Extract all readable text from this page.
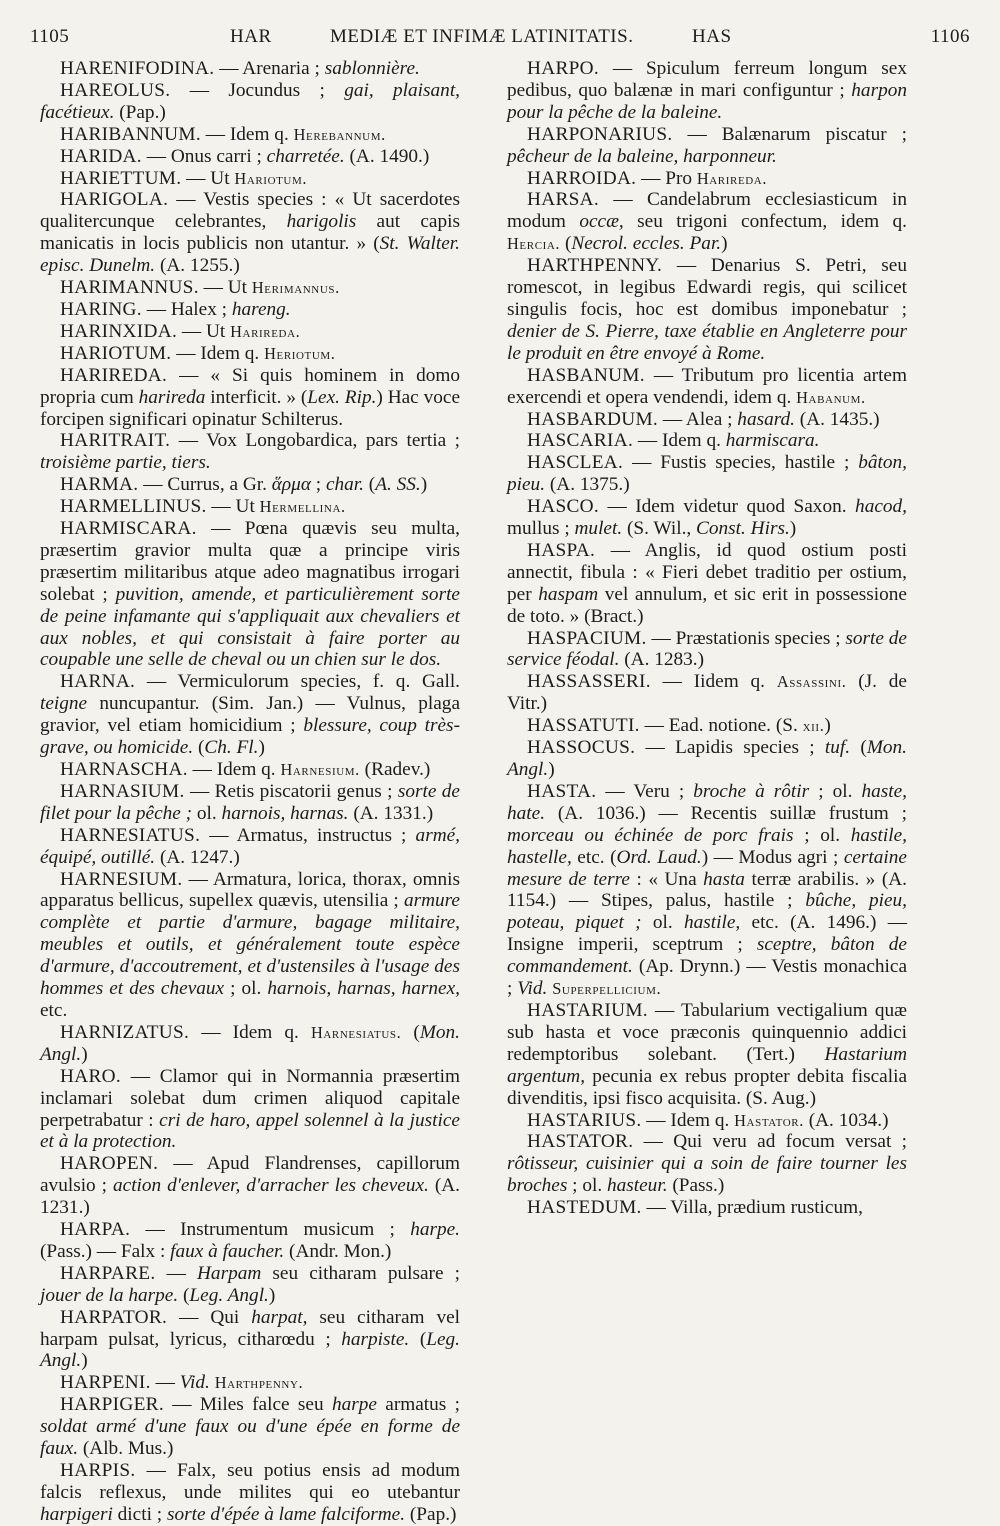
1105	HAR	MEDIÆ ET INFIMÆ LATINITATIS.	HAS	1106

HARENIFODINA. — Arenaria ; sablonnière.

HAREOLUS. — Jocundus ; gai, plaisant, facétieux. (Pap.)

HARIBANNUM. — Idem q. Herebannum.

HARIDA. — Onus carri ; charretée. (A. 1490.)

HARIETTUM. — Ut Hariotum.

HARIGOLA. — Vestis species : « Ut sacerdotes qualitercunque celebrantes, harigolis aut capis manicatis in locis publicis non utantur. » (St. Walter. episc. Dunelm. (A. 1255.)

HARIMANNUS. — Ut Herimannus.

HARING. — Halex ; hareng.

HARINXIDA. — Ut Harireda.

HARIOTUM. — Idem q. Heriotum.

HARIREDA. — « Si quis hominem in domo propria cum harireda interficit. » (Lex. Rip.) Hac voce forcipen significari opinatur Schilterus.

HARITRAIT. — Vox Longobardica, pars tertia ; troisième partie, tiers.

HARMA. — Currus, a Gr. ἅρμα ; char. (A. SS.)

HARMELLINUS. — Ut Hermellina.

HARMISCARA. — Pœna quævis seu multa, præsertim gravior multa quæ a principe viris præsertim militaribus atque adeo magnatibus irrogari solebat ; puvition, amende, et particulièrement sorte de peine infamante qui s'appliquait aux chevaliers et aux nobles, et qui consistait à faire porter au coupable une selle de cheval ou un chien sur le dos.

HARNA. — Vermiculorum species, f. q. Gall. teigne nuncupantur. (Sim. Jan.) — Vulnus, plaga gravior, vel etiam homicidium ; blessure, coup très-grave, ou homicide. (Ch. Fl.)

HARNASCHA. — Idem q. Harnesium. (Radev.)

HARNASIUM. — Retis piscatorii genus ; sorte de filet pour la pêche ; ol. harnois, harnas. (A. 1331.)

HARNESIATUS. — Armatus, instructus ; armé, équipé, outillé. (A. 1247.)

HARNESIUM. — Armatura, lorica, thorax, omnis apparatus bellicus, supellex quævis, utensilia ; armure complète et partie d'armure, bagage militaire, meubles et outils, et généralement toute espèce d'armure, d'accoutrement, et d'ustensiles à l'usage des hommes et des chevaux ; ol. harnois, harnas, harnex, etc.

HARNIZATUS. — Idem q. Harnesiatus. (Mon. Angl.)

HARO. — Clamor qui in Normannia præsertim inclamari solebat dum crimen aliquod capitale perpetrabatur : cri de haro, appel solennel à la justice et à la protection.

HAROPEN. — Apud Flandrenses, capillorum avulsio ; action d'enlever, d'arracher les cheveux. (A. 1231.)

HARPA. — Instrumentum musicum ; harpe. (Pass.) — Falx : faux à faucher. (Andr. Mon.)

HARPARE. — Harpam seu citharam pulsare ; jouer de la harpe. (Leg. Angl.)

HARPATOR. — Qui harpat, seu citharam vel harpam pulsat, lyricus, citharœdu ; harpiste. (Leg. Angl.)

HARPENI. — Vid. Harthpenny.

HARPIGER. — Miles falce seu harpe armatus ; soldat armé d'une faux ou d'une épée en forme de faux. (Alb. Mus.)

HARPIS. — Falx, seu potius ensis ad modum falcis reflexus, unde milites qui eo utebantur harpigeri dicti ; sorte d'épée à lame falciforme. (Pap.)

HARPO. — Spiculum ferreum longum sex pedibus, quo balænæ in mari configuntur ; harpon pour la pêche de la baleine.

HARPONARIUS. — Balænarum piscatur ; pêcheur de la baleine, harponneur.

HARROIDA. — Pro Harireda.

HARSA. — Candelabrum ecclesiasticum in modum occæ, seu trigoni confectum, idem q. Hercia. (Necrol. eccles. Par.)

HARTHPENNY. — Denarius S. Petri, seu romescot, in legibus Edwardi regis, qui scilicet singulis focis, hoc est domibus imponebatur ; denier de S. Pierre, taxe établie en Angleterre pour le produit en être envoyé à Rome.

HASBANUM. — Tributum pro licentia artem exercendi et opera vendendi, idem q. Habanum.

HASBARDUM. — Alea ; hasard. (A. 1435.)

HASCARIA. — Idem q. harmiscara.

HASCLEA. — Fustis species, hastile ; bâton, pieu. (A. 1375.)

HASCO. — Idem videtur quod Saxon. hacod, mullus ; mulet. (S. Wil., Const. Hirs.)

HASPA. — Anglis, id quod ostium posti annectit, fibula : « Fieri debet traditio per ostium, per haspam vel annulum, et sic erit in possessione de toto. » (Bract.)

HASPACIUM. — Præstationis species ; sorte de service féodal. (A. 1283.)

HASSASSERI. — Iidem q. Assassini. (J. de Vitr.)

HASSATUTI. — Ead. notione. (S. xii.)

HASSOCUS. — Lapidis species ; tuf. (Mon. Angl.)

HASTA. — Veru ; broche à rôtir ; ol. haste, hate. (A. 1036.) — Recentis suillæ frustum ; morceau ou échinée de porc frais ; ol. hastile, hastelle, etc. (Ord. Laud.) — Modus agri ; certaine mesure de terre : « Una hasta terræ arabilis. » (A. 1154.) — Stipes, palus, hastile ; bûche, pieu, poteau, piquet ; ol. hastile, etc. (A. 1496.) — Insigne imperii, sceptrum ; sceptre, bâton de commandement. (Ap. Drynn.) — Vestis monachica ; Vid. Superpellicium.

HASTARIUM. — Tabularium vectigalium quæ sub hasta et voce præconis quinquennio addici redemptoribus solebant. (Tert.) Hastarium argentum, pecunia ex rebus propter debita fiscalia divenditis, ipsi fisco acquisita. (S. Aug.)

HASTARIUS. — Idem q. Hastator. (A. 1034.)

HASTATOR. — Qui veru ad focum versat ; rôtisseur, cuisinier qui a soin de faire tourner les broches ; ol. hasteur. (Pass.)

HASTEDUM. — Villa, prædium rusticum,
